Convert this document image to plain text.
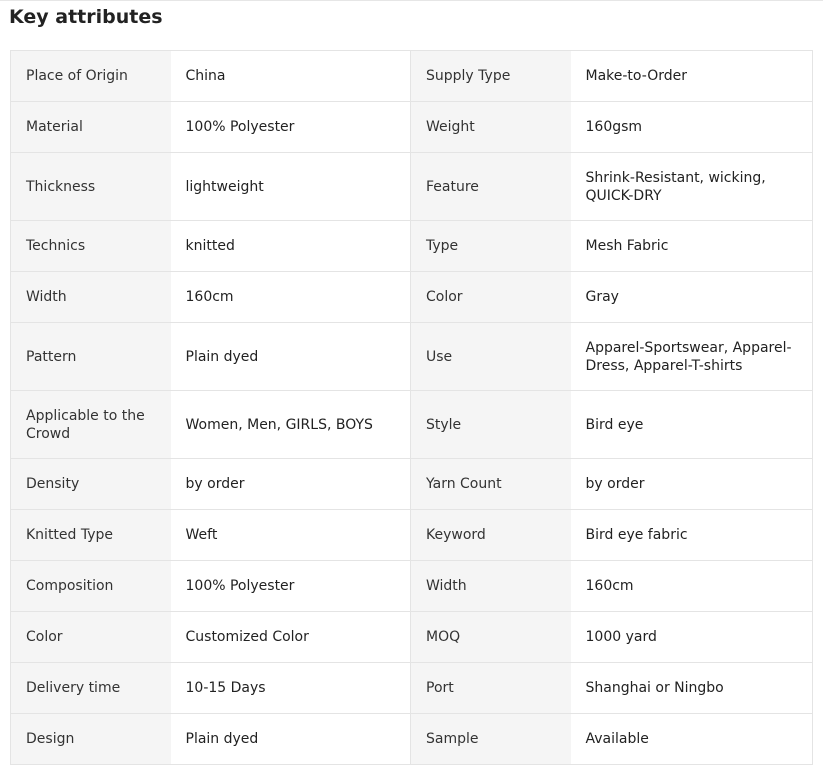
Key attributes
Place of Origin	China	Supply Type	Make-to-Order
Material	100% Polyester	Weight	160gsm
Thickness	lightweight	Feature	Shrink-Resistant, wicking, QUICK-DRY
Technics	knitted	Type	Mesh Fabric
Width	160cm	Color	Gray
Pattern	Plain dyed	Use	Apparel-Sportswear, Apparel-Dress, Apparel-T-shirts
Applicable to the Crowd	Women, Men, GIRLS, BOYS	Style	Bird eye
Density	by order	Yarn Count	by order
Knitted Type	Weft	Keyword	Bird eye fabric
Composition	100% Polyester	Width	160cm
Color	Customized Color	MOQ	1000 yard
Delivery time	10-15 Days	Port	Shanghai or Ningbo
Design	Plain dyed	Sample	Available
